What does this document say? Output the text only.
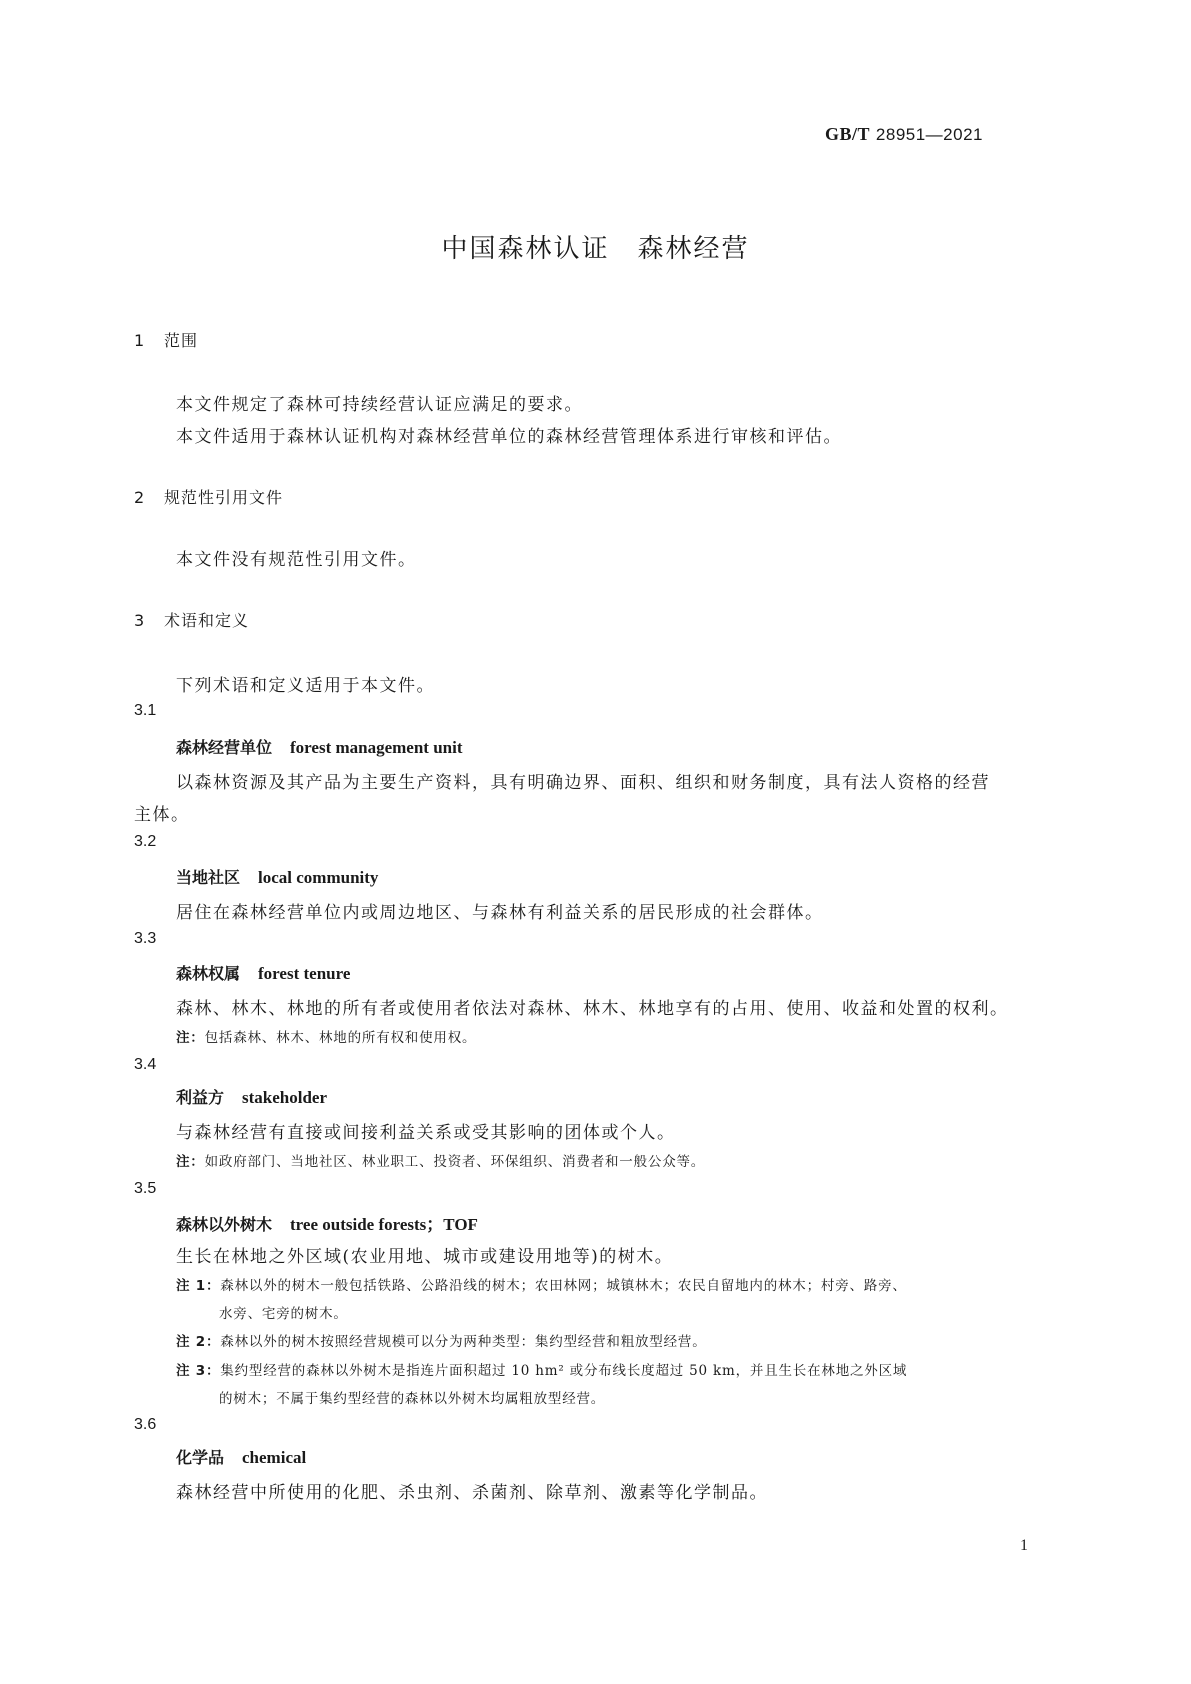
GB/T 28951—2021
中国森林认证 森林经营
1 范围
本文件规定了森林可持续经营认证应满足的要求。
本文件适用于森林认证机构对森林经营单位的森林经营管理体系进行审核和评估。
2 规范性引用文件
本文件没有规范性引用文件。
3 术语和定义
下列术语和定义适用于本文件。
3.1
森林经营单位 forest management unit
以森林资源及其产品为主要生产资料，具有明确边界、面积、组织和财务制度，具有法人资格的经营
主体。
3.2
当地社区 local community
居住在森林经营单位内或周边地区、与森林有利益关系的居民形成的社会群体。
3.3
森林权属 forest tenure
森林、林木、林地的所有者或使用者依法对森林、林木、林地享有的占用、使用、收益和处置的权利。
注：包括森林、林木、林地的所有权和使用权。
3.4
利益方 stakeholder
与森林经营有直接或间接利益关系或受其影响的团体或个人。
注：如政府部门、当地社区、林业职工、投资者、环保组织、消费者和一般公众等。
3.5
森林以外树木 tree outside forests；TOF
生长在林地之外区域(农业用地、城市或建设用地等)的树木。
注 1：森林以外的树木一般包括铁路、公路沿线的树木；农田林网；城镇林木；农民自留地内的林木；村旁、路旁、
水旁、宅旁的树木。
注 2：森林以外的树木按照经营规模可以分为两种类型：集约型经营和粗放型经营。
注 3：集约型经营的森林以外树木是指连片面积超过 10 hm² 或分布线长度超过 50 km，并且生长在林地之外区域
的树木；不属于集约型经营的森林以外树木均属粗放型经营。
3.6
化学品 chemical
森林经营中所使用的化肥、杀虫剂、杀菌剂、除草剂、激素等化学制品。
1
